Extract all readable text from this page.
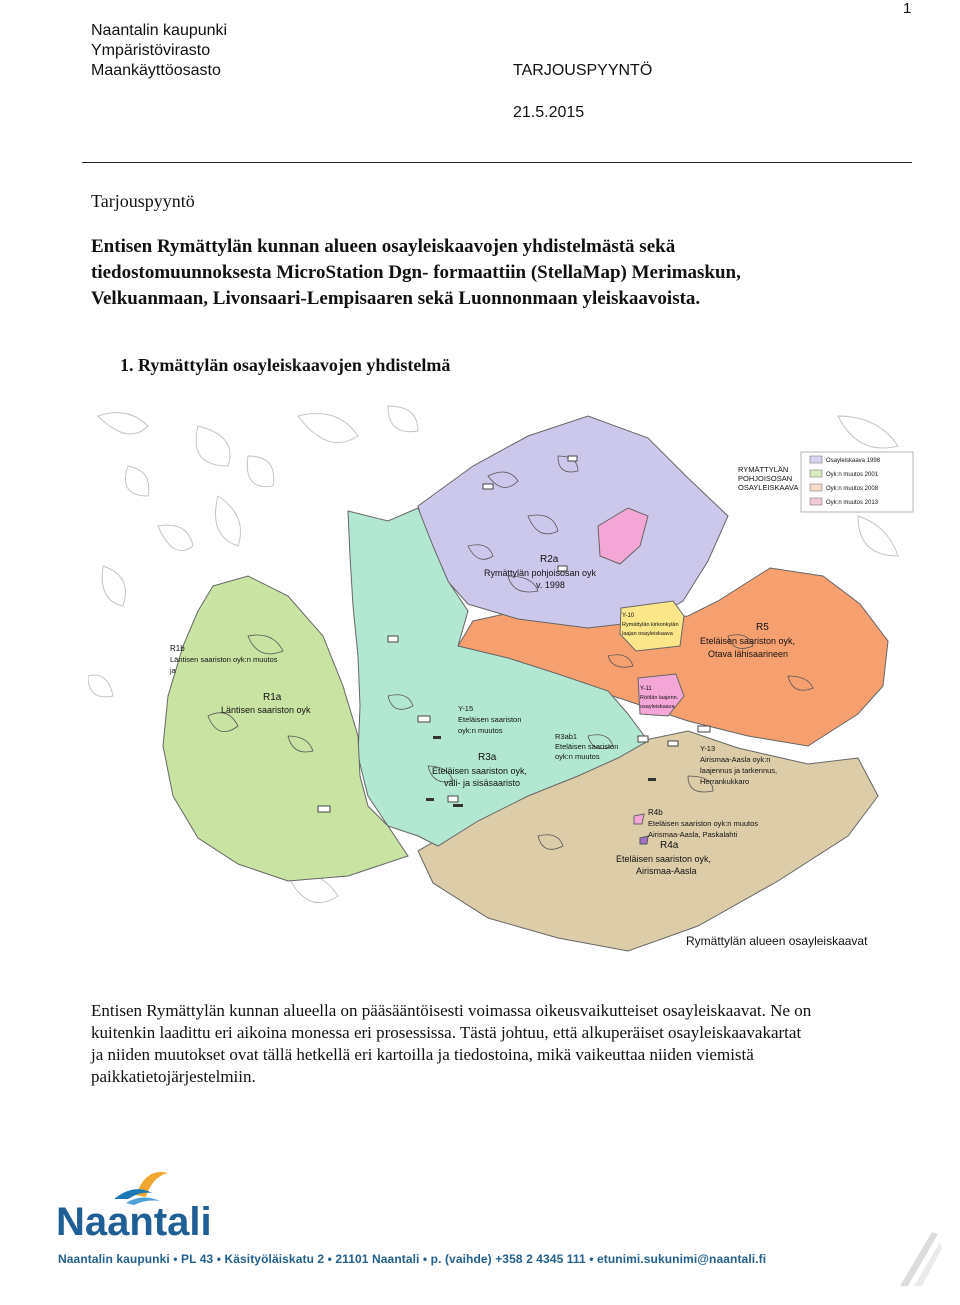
Naantalin kaupunki
Ympäristövirasto
Maankäyttöosasto	TARJOUSPYYNTÖ
21.5.2015
1
Tarjouspyyntö
Entisen Rymättylän kunnan alueen osayleiskaavojen yhdistelmästä sekä
tiedostomuunnoksesta MicroStation Dgn- formaattiin (StellaMap) Merimaskun,
Velkuanmaan, Livonsaari-Lempisaaren sekä Luonnonmaan yleiskaavoista.
1. Rymättylän osayleiskaavojen yhdistelmä
RYMÄTTYLÄN
POHJOISOSAN
OSAYLEISKAAVA
Osayleiskaava 1998
Oyk:n muutos 2001
Oyk:n muutos 2008
Oyk:n muutos 2013
R2a
Rymättylän pohjoisosan oyk
v. 1998
R1b
Läntisen saariston oyk:n muutos
ja
R1a
Läntisen saariston oyk	Y-15
Eteläisen saariston
oyk:n muutos
R3ab1
Eteläisen saariston
oyk:n muutos
R3a
Eteläisen saariston oyk,
väli- ja sisäsaaristo
Y-10
Rymättylän kirkonkylän
laajan osayleiskaava
R5
Eteläisen saariston oyk,
Otava lähisaarineen
Y-11
Röölän laajenn.
osayleiskaava
Y-13
Airismaa-Aasla oyk:n
laajennus ja tarkennus,
Herrankukkaro
R4b
Eteläisen saariston oyk:n muutos
Airismaa-Aasla, Paskalahti
R4a
Eteläisen saariston oyk,
Airismaa-Aasla
Rymättylän alueen osayleiskaavat
Entisen Rymättylän kunnan alueella on pääsääntöisesti voimassa oikeusvaikutteiset osayleiskaavat. Ne on
kuitenkin laadittu eri aikoina monessa eri prosessissa. Tästä johtuu, että alkuperäiset osayleiskaavakartat
ja niiden muutokset ovat tällä hetkellä eri kartoilla ja tiedostoina, mikä vaikeuttaa niiden viemistä
paikkatietojärjestelmiin.
Naantali
Naantalin kaupunki • PL 43 • Käsityöläiskatu 2 • 21101 Naantali • p. (vaihde) +358 2 4345 111 • etunimi.sukunimi@naantali.fi
